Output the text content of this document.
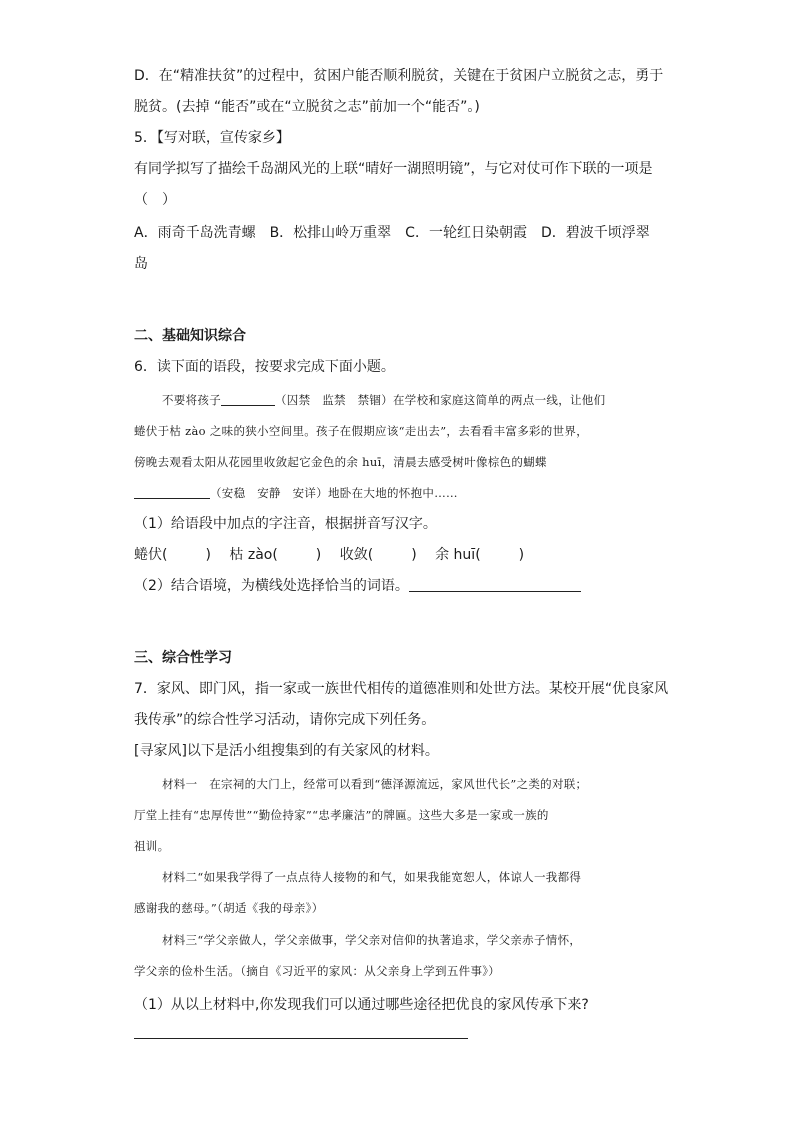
D．在“精准扶贫”的过程中，贫困户能否顺利脱贫，关键在于贫困户立脱贫之志，勇于
脱贫。(去掉 “能否”或在“立脱贫之志”前加一个“能否”。)
5．【写对联，宣传家乡】
有同学拟写了描绘千岛湖风光的上联“晴好一湖照明镜”，与它对仗可作下联的一项是
（　）
A．雨奇千岛洗青螺　B．松排山岭万重翠　C．一轮红日染朝霞　D．碧波千顷浮翠
岛
二、基础知识综合
6．读下面的语段，按要求完成下面小题。
不要将孩子	（囚禁　监禁　禁锢）在学校和家庭这简单的两点一线，让他们
蜷伏于枯 zào 之味的狭小空间里。孩子在假期应该“走出去”，去看看丰富多彩的世界，
傍晚去观看太阳从花园里收敛起它金色的余 huī，清晨去感受树叶像棕色的蝴蝶
（安稳　安静　安详）地卧在大地的怀抱中……
（1）给语段中加点的字注音，根据拼音写汉字。
蜷伏(	) 枯 zào(	) 收敛(	) 余 huī(	)
（2）结合语境，为横线处选择恰当的词语。
三、综合性学习
7．家风、即门风，指一家或一族世代相传的道德准则和处世方法。某校开展“优良家风
我传承”的综合性学习活动，请你完成下列任务。
[寻家风]以下是活小组搜集到的有关家风的材料。
材料一　在宗祠的大门上，经常可以看到“德泽源流远，家风世代长”之类的对联；
厅堂上挂有“忠厚传世”“勤俭持家”“忠孝廉洁”的牌匾。这些大多是一家或一族的
祖训。
材料二“如果我学得了一点点待人接物的和气，如果我能宽恕人，体谅人一我都得
感谢我的慈母。”（胡适《我的母亲》）
材料三“学父亲做人，学父亲做事，学父亲对信仰的执著追求，学父亲赤子情怀，
学父亲的俭朴生活。（摘自《习近平的家风：从父亲身上学到五件事》）
（1）从以上材料中,你发现我们可以通过哪些途径把优良的家风传承下来?
